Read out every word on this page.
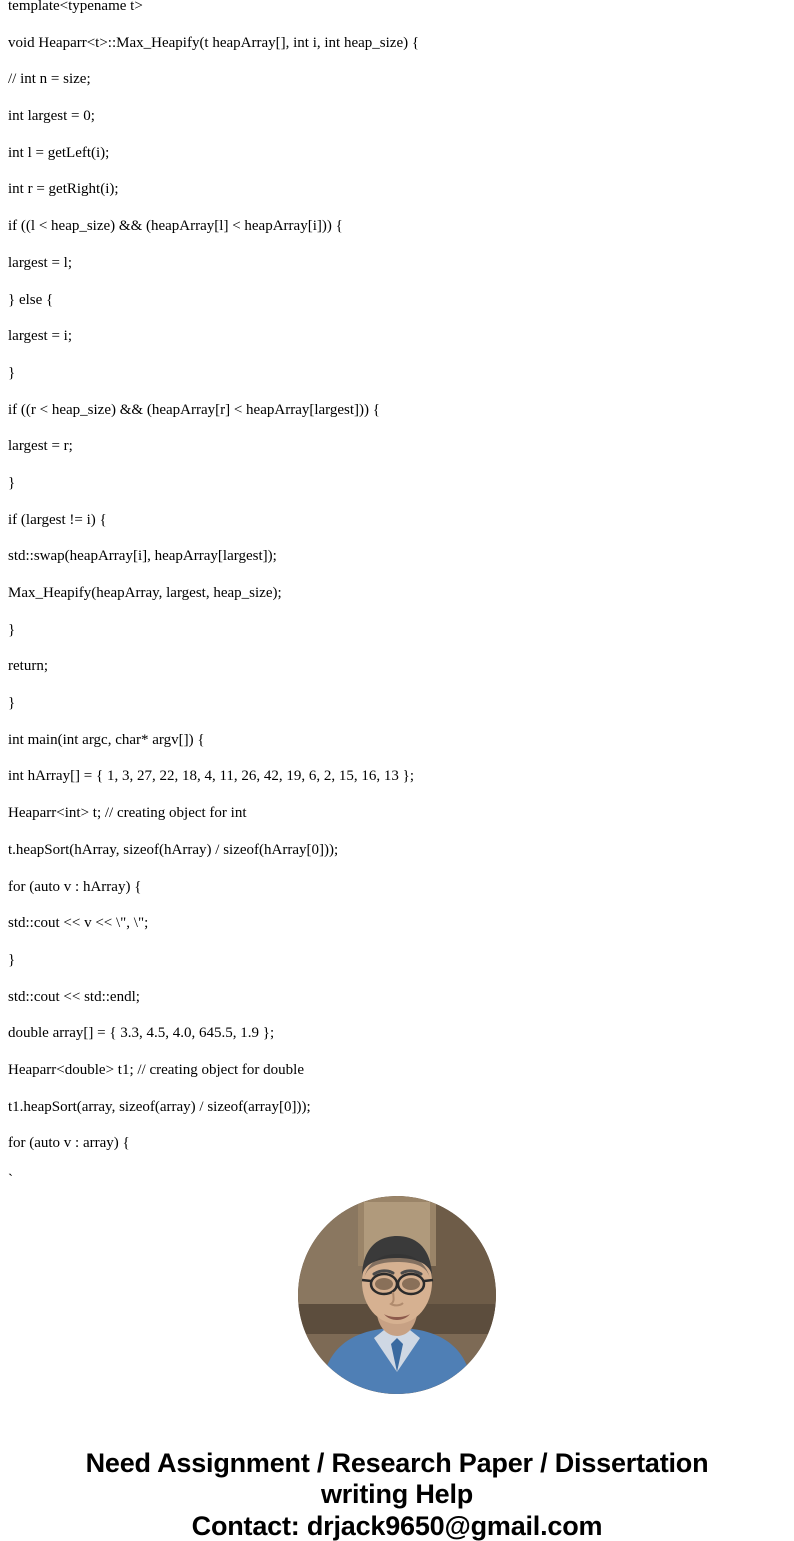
template<typename t>

void Heaparr<t>::Max_Heapify(t heapArray[], int i, int heap_size) {

// int n = size;

int largest = 0;

int l = getLeft(i);

int r = getRight(i);

if ((l < heap_size) && (heapArray[l] < heapArray[i])) {

largest = l;

} else {

largest = i;

}

if ((r < heap_size) && (heapArray[r] < heapArray[largest])) {

largest = r;

}

if (largest != i) {

std::swap(heapArray[i], heapArray[largest]);

Max_Heapify(heapArray, largest, heap_size);

}

return;

}

int main(int argc, char* argv[]) {

int hArray[] = { 1, 3, 27, 22, 18, 4, 11, 26, 42, 19, 6, 2, 15, 16, 13 };

Heaparr<int> t; // creating object for int

t.heapSort(hArray, sizeof(hArray) / sizeof(hArray[0]));

for (auto v : hArray) {

std::cout << v << \", \";

}

std::cout << std::endl;

double array[] = { 3.3, 4.5, 4.0, 645.5, 1.9 };

Heaparr<double> t1; // creating object for double

t1.heapSort(array, sizeof(array) / sizeof(array[0]));

for (auto v : array) {

`

Need Assignment / Research Paper / Dissertation
writing Help
Contact: drjack9650@gmail.com
